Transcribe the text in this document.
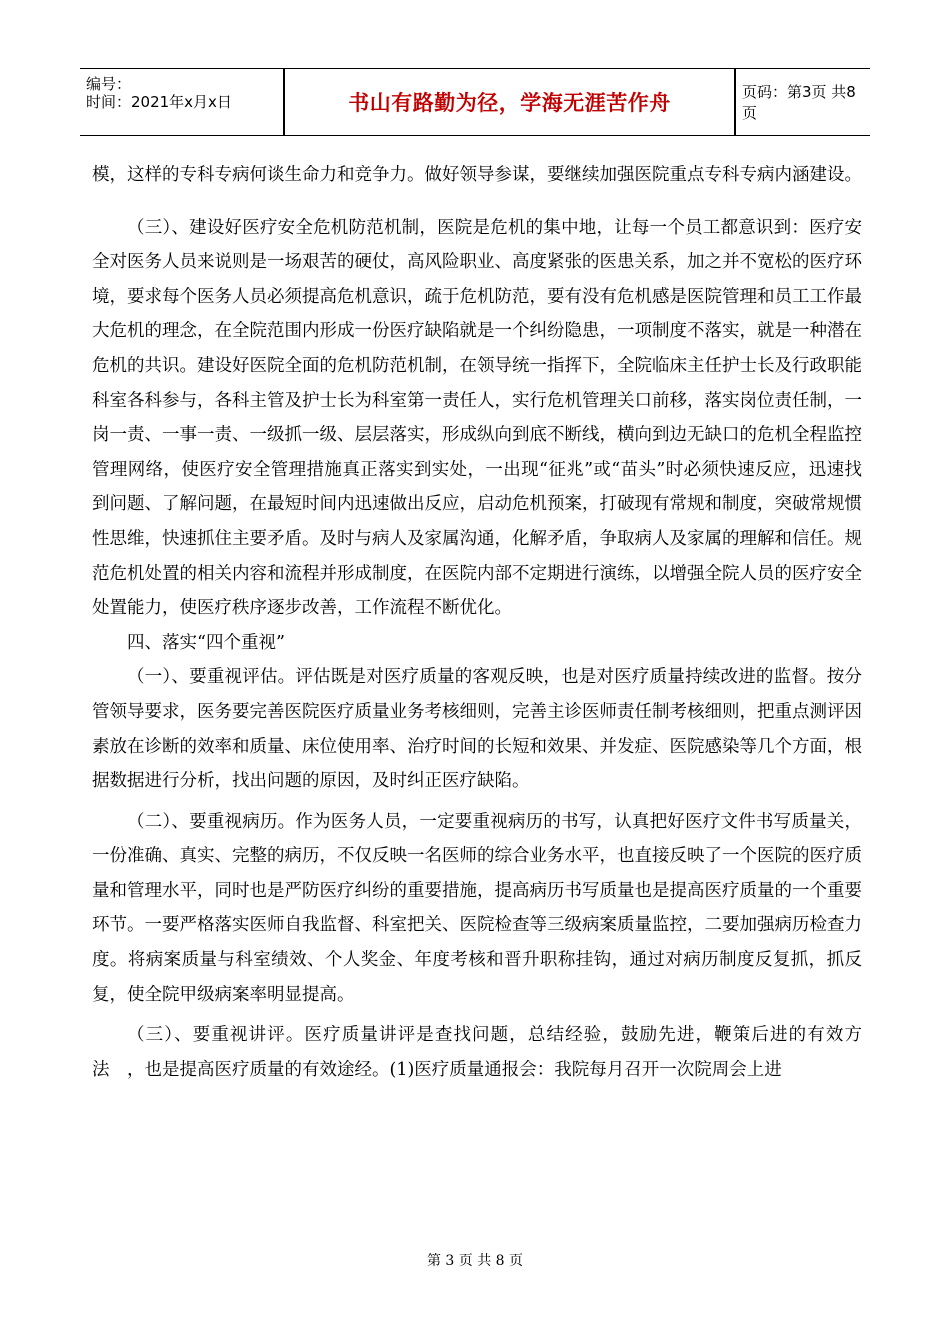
编号：
时间：2021年x月x日	书山有路勤为径，学海无涯苦作舟	页码：第3页 共8页

模，这样的专科专病何谈生命力和竞争力。做好领导参谋，要继续加强医院重点专科专病内涵建设。

（三）、建设好医疗安全危机防范机制，医院是危机的集中地，让每一个员工都意识到：医疗安全对医务人员来说则是一场艰苦的硬仗，高风险职业、高度紧张的医患关系，加之并不宽松的医疗环境，要求每个医务人员必须提高危机意识，疏于危机防范，要有没有危机感是医院管理和员工工作最大危机的理念，在全院范围内形成一份医疗缺陷就是一个纠纷隐患，一项制度不落实，就是一种潜在危机的共识。建设好医院全面的危机防范机制，在领导统一指挥下，全院临床主任护士长及行政职能科室各科参与，各科主管及护士长为科室第一责任人，实行危机管理关口前移，落实岗位责任制，一岗一责、一事一责、一级抓一级、层层落实，形成纵向到底不断线，横向到边无缺口的危机全程监控管理网络，使医疗安全管理措施真正落实到实处，一出现“征兆”或“苗头”时必须快速反应，迅速找到问题、了解问题，在最短时间内迅速做出反应，启动危机预案，打破现有常规和制度，突破常规惯性思维，快速抓住主要矛盾。及时与病人及家属沟通，化解矛盾，争取病人及家属的理解和信任。规范危机处置的相关内容和流程并形成制度，在医院内部不定期进行演练，以增强全院人员的医疗安全处置能力，使医疗秩序逐步改善，工作流程不断优化。

四、落实“四个重视”

（一）、要重视评估。评估既是对医疗质量的客观反映，也是对医疗质量持续改进的监督。按分管领导要求，医务要完善医院医疗质量业务考核细则，完善主诊医师责任制考核细则，把重点测评因素放在诊断的效率和质量、床位使用率、治疗时间的长短和效果、并发症、医院感染等几个方面，根据数据进行分析，找出问题的原因，及时纠正医疗缺陷。

（二）、要重视病历。作为医务人员，一定要重视病历的书写，认真把好医疗文件书写质量关，一份准确、真实、完整的病历，不仅反映一名医师的综合业务水平，也直接反映了一个医院的医疗质量和管理水平，同时也是严防医疗纠纷的重要措施，提高病历书写质量也是提高医疗质量的一个重要环节。一要严格落实医师自我监督、科室把关、医院检查等三级病案质量监控，二要加强病历检查力度。将病案质量与科室绩效、个人奖金、年度考核和晋升职称挂钩，通过对病历制度反复抓，抓反复，使全院甲级病案率明显提高。

（三）、要重视讲评。医疗质量讲评是查找问题，总结经验，鼓励先进，鞭策后进的有效方法　，也是提高医疗质量的有效途经。(1)医疗质量通报会：我院每月召开一次院周会上进

第 3 页 共 8 页
